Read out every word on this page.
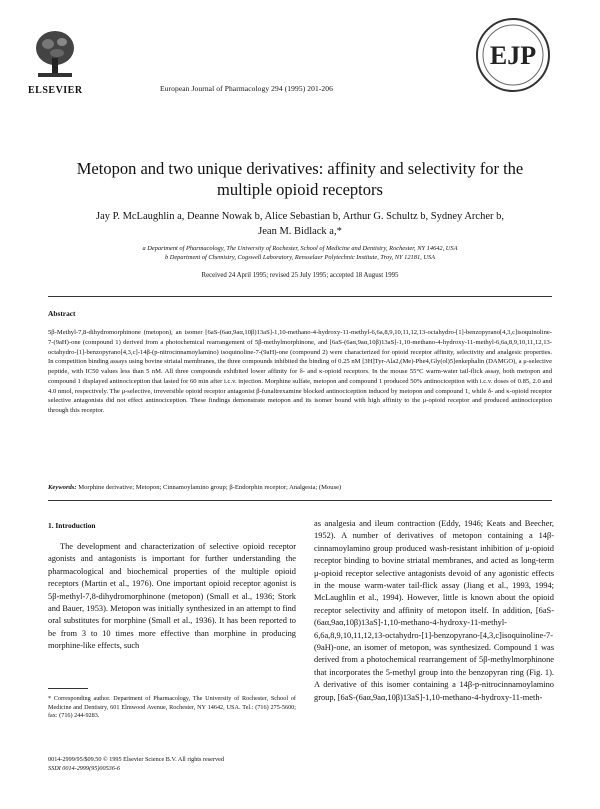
ELSEVIER	European Journal of Pharmacology 294 (1995) 201-206
EJP
Metopon and two unique derivatives: affinity and selectivity for the
multiple opioid receptors
Jay P. McLaughlin a, Deanne Nowak b, Alice Sebastian b, Arthur G. Schultz b, Sydney Archer b,
Jean M. Bidlack a,*
a Department of Pharmacology, The University of Rochester, School of Medicine and Dentistry, Rochester, NY 14642, USA
b Department of Chemistry, Cogswell Laboratory, Rensselaer Polytechnic Institute, Troy, NY 12181, USA
Received 24 April 1995; revised 25 July 1995; accepted 18 August 1995
Abstract
5β-Methyl-7,8-dihydromorphinone (metopon), an isomer [6aS-(6aα,9aα,10β)13aS]-1,10-methano-4-hydroxy-11-methyl-6,6a,8,9,10,11,12,13-octahydro-[1]-benzopyrano[4,3,c]isoquinoline-7-(9aH)-one (compound 1) derived from a photochemical rearrangement of 5β-methylmorphinone, and [6aS-(6aα,9aα,10β)13aS]-1,10-methano-4-hydroxy-11-methyl-6,6a,8,9,10,11,12,13-octahydro-[1]-benzopyrano[4,3,c]-14β-(p-nitrocinnamoylamino) isoquinoline-7-(9aH)-one (compound 2) were characterized for opioid receptor affinity, selectivity and analgesic properties. In competition binding assays using bovine striatal membranes, the three compounds inhibited the binding of 0.25 nM [3H]Tyr-Ala2,(Me)-Phe4,Gly(ol)5]enkephalin (DAMGO), a μ-selective peptide, with IC50 values less than 5 nM. All three compounds exhibited lower affinity for δ- and κ-opioid receptors. In the mouse 55°C warm-water tail-flick assay, both metopon and compound 1 displayed antinociception that lasted for 60 min after i.c.v. injection. Morphine sulfate, metopon and compound 1 produced 50% antinociception with i.c.v. doses of 0.85, 2.0 and 4.0 nmol, respectively. The μ-selective, irreversible opioid receptor antagonist β-funaltrexamine blocked antinociception induced by metopon and compound 1, while δ- and κ-opioid receptor selective antagonists did not effect antinociception. These findings demonstrate metopon and its isomer bound with high affinity to the μ-opioid receptor and produced antinociception through this receptor.
Keywords: Morphine derivative; Metopon; Cinnamoylamino group; β-Endorphin receptor; Analgesia; (Mouse)
1. Introduction

The development and characterization of selective opioid receptor agonists and antagonists is important for further understanding the pharmacological and biochemical properties of the multiple opioid receptors (Martin et al., 1976). One important opioid receptor agonist is 5β-methyl-7,8-dihydromorphinone (metopon) (Small et al., 1936; Stork and Bauer, 1953). Metopon was initially synthesized in an attempt to find oral substitutes for morphine (Small et al., 1936). It has been reported to be from 3 to 10 times more effective than morphine in producing morphine-like effects, such

as analgesia and ileum contraction (Eddy, 1946; Keats and Beecher, 1952). A number of derivatives of metopon containing a 14β-cinnamoylamino group produced wash-resistant inhibition of μ-opioid receptor binding to bovine striatal membranes, and acted as long-term μ-opioid receptor selective antagonists devoid of any agonistic effects in the mouse warm-water tail-flick assay (Jiang et al., 1993, 1994; McLaughlin et al., 1994). However, little is known about the opioid receptor selectivity and affinity of metopon itself. In addition, [6aS-(6aα,9aα,10β)13aS]-1,10-methano-4-hydroxy-11-methyl-6,6a,8,9,10,11,12,13-octahydro-[1]-benzopyrano-[4,3,c]isoquinoline-7-(9aH)-one, an isomer of metopon, was synthesized. Compound 1 was derived from a photochemical rearrangement of 5β-methylmorphinone that incorporates the 5-methyl group into the benzopyran ring (Fig. 1). A derivative of this isomer containing a 14β-p-nitrocinnamoylamino group, [6aS-(6aα,9aα,10β)13aS]-1,10-methano-4-hydroxy-11-meth-

* Corresponding author. Department of Pharmacology, The University of Rochester, School of Medicine and Dentistry, 601 Elmwood Avenue, Rochester, NY 14642, USA. Tel.: (716) 275-5600; fax: (716) 244-9283.
0014-2999/95/$09.50 © 1995 Elsevier Science B.V. All rights reserved
SSDI 0014-2999(95)00536-6
